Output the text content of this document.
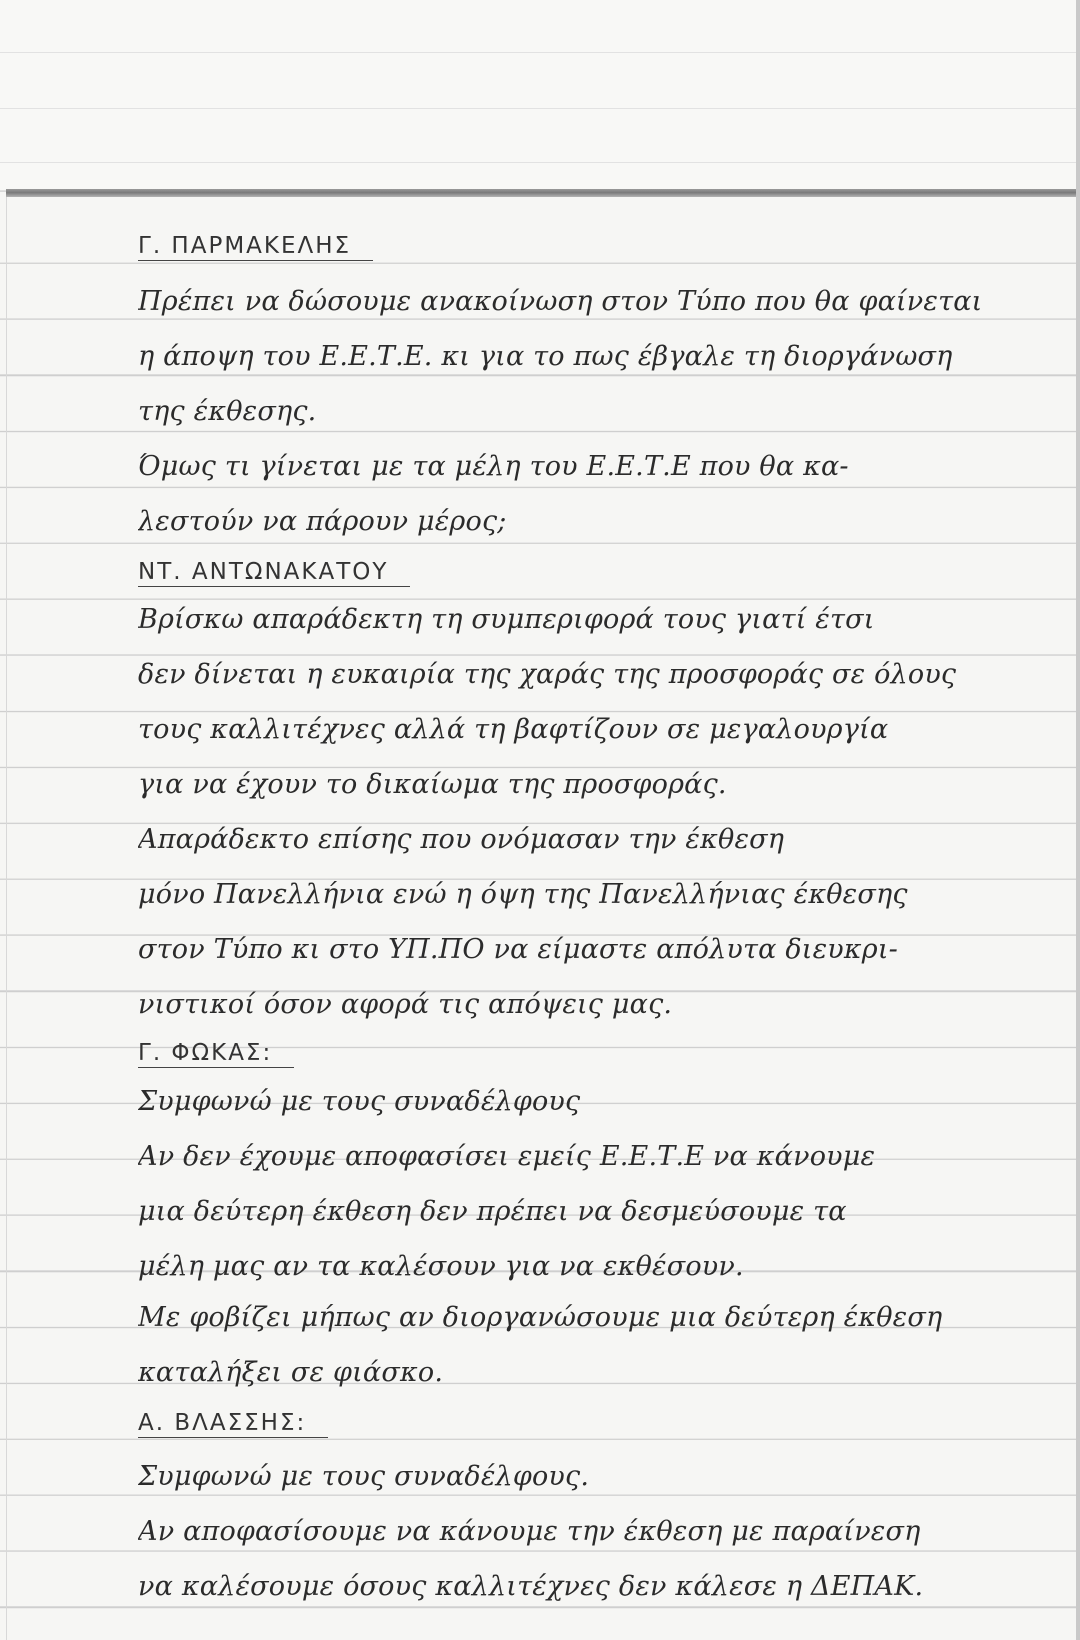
Γ. ΠΑΡΜΑΚΕΛΗΣ
Πρέπει να δώσουμε ανακοίνωση στον Τύπο που θα φαίνεται
η άποψη του Ε.Ε.Τ.Ε. κι για το πως έβγαλε τη διοργάνωση
της έκθεσης.
Όμως τι γίνεται με τα μέλη του Ε.Ε.Τ.Ε που θα κα-
λεστούν να πάρουν μέρος;
ΝΤ. ΑΝΤΩΝΑΚΑΤΟΥ
Βρίσκω απαράδεκτη τη συμπεριφορά τους γιατί έτσι
δεν δίνεται η ευκαιρία της χαράς της προσφοράς σε όλους
τους καλλιτέχνες αλλά τη βαφτίζουν σε μεγαλουργία
για να έχουν το δικαίωμα της προσφοράς.
Απαράδεκτο επίσης που ονόμασαν την έκθεση
μόνο Πανελλήνια ενώ η όψη της Πανελλήνιας έκθεσης
στον Τύπο κι στο ΥΠ.ΠΟ να είμαστε απόλυτα διευκρι-
νιστικοί όσον αφορά τις απόψεις μας.
Γ. ΦΩΚΑΣ:
Συμφωνώ με τους συναδέλφους
Αν δεν έχουμε αποφασίσει εμείς Ε.Ε.Τ.Ε να κάνουμε
μια δεύτερη έκθεση δεν πρέπει να δεσμεύσουμε τα
μέλη μας αν τα καλέσουν για να εκθέσουν.
Με φοβίζει μήπως αν διοργανώσουμε μια δεύτερη έκθεση
καταλήξει σε φιάσκο.
Α. ΒΛΑΣΣΗΣ:
Συμφωνώ με τους συναδέλφους.
Αν αποφασίσουμε να κάνουμε την έκθεση με παραίνεση
να καλέσουμε όσους καλλιτέχνες δεν κάλεσε η ΔΕΠΑΚ.
